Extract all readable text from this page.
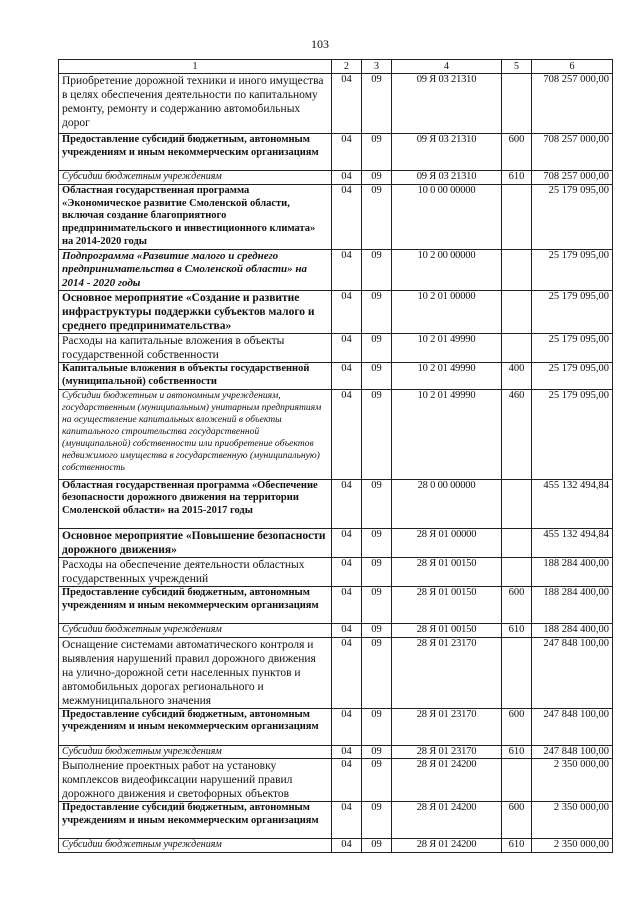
103
1	2	3	4	5	6
Приобретение дорожной техники и иного имущества в целях обеспечения деятельности по капитальному ремонту, ремонту и содержанию автомобильных дорог	04	09	09 Я 03 21310		708 257 000,00
Предоставление субсидий бюджетным, автономным учреждениям и иным некоммерческим организациям	04	09	09 Я 03 21310	600	708 257 000,00
Субсидии бюджетным учреждениям	04	09	09 Я 03 21310	610	708 257 000,00
Областная государственная программа «Экономическое развитие Смоленской области, включая создание благоприятного предпринимательского и инвестиционного климата» на 2014-2020 годы	04	09	10 0 00 00000		25 179 095,00
Подпрограмма «Развитие малого и среднего предпринимательства в Смоленской области» на 2014 - 2020 годы	04	09	10 2 00 00000		25 179 095,00
Основное мероприятие «Создание и развитие инфраструктуры поддержки субъектов малого и среднего предпринимательства»	04	09	10 2 01 00000		25 179 095,00
Расходы на капитальные вложения в объекты государственной собственности	04	09	10 2 01 49990		25 179 095,00
Капитальные вложения в объекты государственной (муниципальной) собственности	04	09	10 2 01 49990	400	25 179 095,00
Субсидии бюджетным и автономным учреждениям, государственным (муниципальным) унитарным предприятиям на осуществление капитальных вложений в объекты капитального строительства государственной (муниципальной) собственности или приобретение объектов недвижимого имущества в государственную (муниципальную) собственность	04	09	10 2 01 49990	460	25 179 095,00
Областная государственная программа «Обеспечение безопасности дорожного движения на территории Смоленской области» на 2015-2017 годы	04	09	28 0 00 00000		455 132 494,84
Основное мероприятие «Повышение безопасности дорожного движения»	04	09	28 Я 01 00000		455 132 494,84
Расходы на обеспечение деятельности областных государственных учреждений	04	09	28 Я 01 00150		188 284 400,00
Предоставление субсидий бюджетным, автономным учреждениям и иным некоммерческим организациям	04	09	28 Я 01 00150	600	188 284 400,00
Субсидии бюджетным учреждениям	04	09	28 Я 01 00150	610	188 284 400,00
Оснащение системами автоматического контроля и выявления нарушений правил дорожного движения на улично-дорожной сети населенных пунктов и автомобильных дорогах регионального и межмуниципального значения	04	09	28 Я 01 23170		247 848 100,00
Предоставление субсидий бюджетным, автономным учреждениям и иным некоммерческим организациям	04	09	28 Я 01 23170	600	247 848 100,00
Субсидии бюджетным учреждениям	04	09	28 Я 01 23170	610	247 848 100,00
Выполнение проектных работ на установку комплексов видеофиксации нарушений правил дорожного движения и светофорных объектов	04	09	28 Я 01 24200		2 350 000,00
Предоставление субсидий бюджетным, автономным учреждениям и иным некоммерческим организациям	04	09	28 Я 01 24200	600	2 350 000,00
Субсидии бюджетным учреждениям	04	09	28 Я 01 24200	610	2 350 000,00
